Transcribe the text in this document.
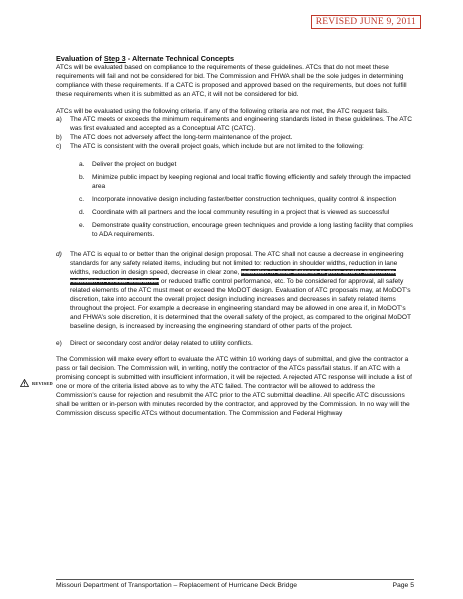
REVISED JUNE 9, 2011
REVISED

Evaluation of Step 3 - Alternate Technical Concepts

ATCs will be evaluated based on compliance to the requirements of these guidelines. ATCs that do not meet these requirements will fail and not be considered for bid. The Commission and FHWA shall be the sole judges in determining compliance with these requirements. If a CATC is proposed and approved based on the requirements, but does not fulfill these requirements when it is submitted as an ATC, it will not be considered for bid.

ATCs will be evaluated using the following criteria. If any of the following criteria are not met, the ATC request fails.

a)	The ATC meets or exceeds the minimum requirements and engineering standards listed in these guidelines. The ATC was first evaluated and accepted as a Conceptual ATC (CATC).
b)	The ATC does not adversely affect the long-term maintenance of the project.
c)	The ATC is consistent with the overall project goals, which include but are not limited to the following:
a.	Deliver the project on budget
b.	Minimize public impact by keeping regional and local traffic flowing efficiently and safely through the impacted area
c.	Incorporate innovative design including faster/better construction techniques, quality control & inspection
d.	Coordinate with all partners and the local community resulting in a project that is viewed as successful
e.	Demonstrate quality construction, encourage green techniques and provide a long lasting facility that complies to ADA requirements.
d)	The ATC is equal to or better than the original design proposal. The ATC shall not cause a decrease in engineering standards for any safety related items, including but not limited to: reduction in shoulder widths, reduction in lane widths, reduction in design speed, decrease in clear zone, reduction in clear distance to piers and/or abutments, reduction in vertical clearance, or reduced traffic control performance, etc. To be considered for approval, all safety related elements of the ATC must meet or exceed the MoDOT design. Evaluation of ATC proposals may, at MoDOT’s discretion, take into account the overall project design including increases and decreases in safety related items throughout the project. For example a decrease in engineering standard may be allowed in one area if, in MoDOT’s and FHWA’s sole discretion, it is determined that the overall safety of the project, as compared to the original MoDOT baseline design, is increased by increasing the engineering standard of other parts of the project.
e)	Direct or secondary cost and/or delay related to utility conflicts.

The Commission will make every effort to evaluate the ATC within 10 working days of submittal, and give the contractor a pass or fail decision. The Commission will, in writing, notify the contractor of the ATCs pass/fail status. If an ATC with a promising concept is submitted with insufficient information, it will be rejected. A rejected ATC response will include a list of one or more of the criteria listed above as to why the ATC failed. The contractor will be allowed to address the Commission’s cause for rejection and resubmit the ATC prior to the ATC submittal deadline. All specific ATC discussions shall be written or in-person with minutes recorded by the contractor, and approved by the Commission. In no way will the Commission discuss specific ATCs without documentation. The Commission and Federal Highway

Missouri Department of Transportation – Replacement of Hurricane Deck Bridge	Page 5
